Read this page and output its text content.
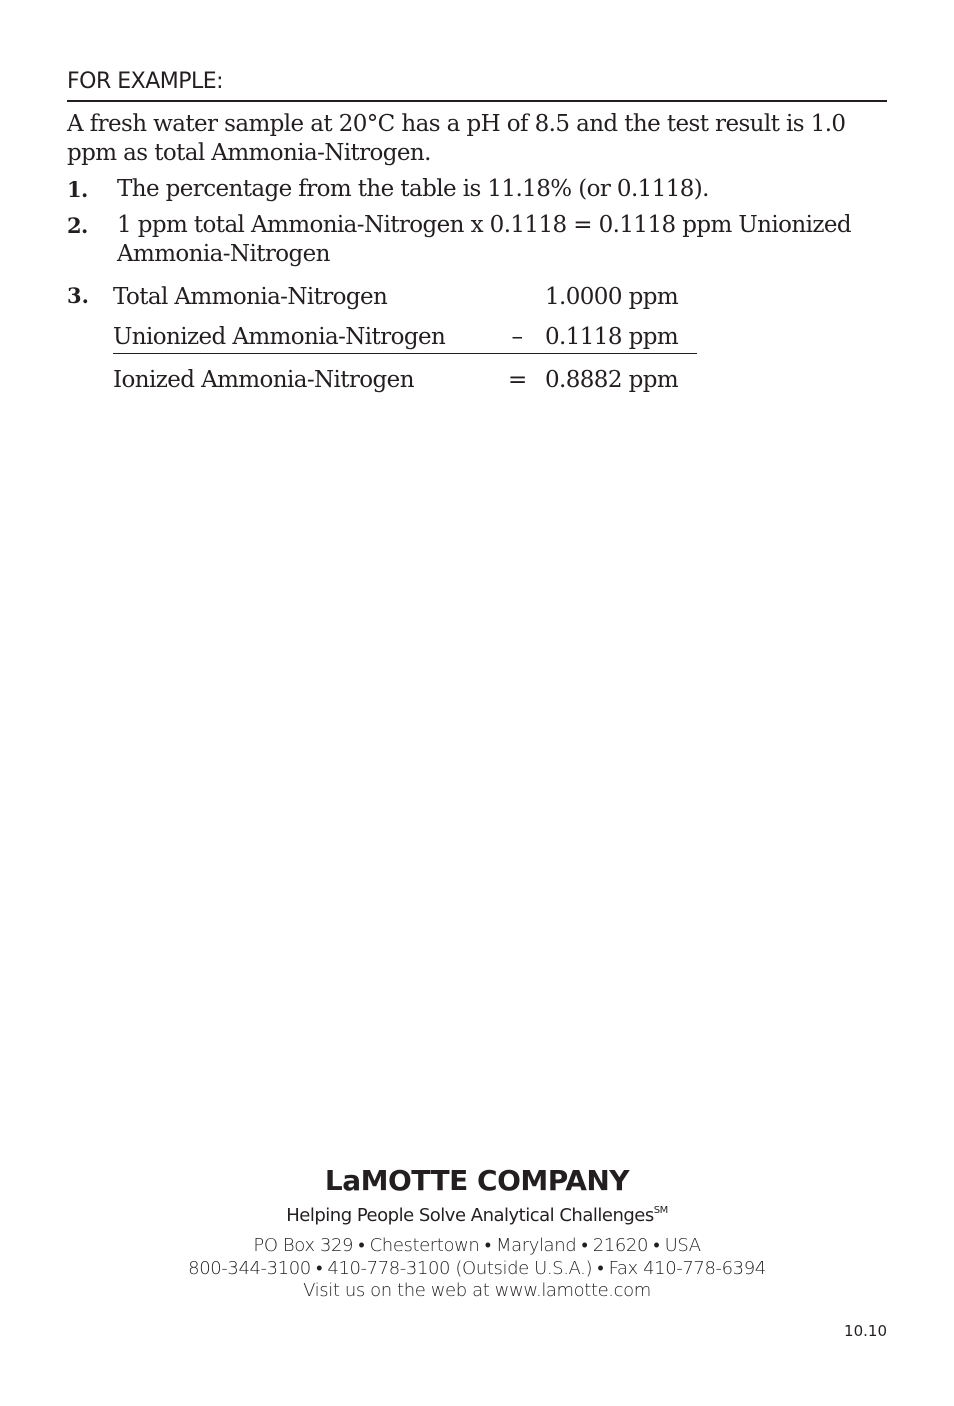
FOR EXAMPLE:
A fresh water sample at 20°C has a pH of 8.5 and the test result is 1.0 ppm as total Ammonia-Nitrogen.
1. The percentage from the table is 11.18% (or 0.1118).
2. 1 ppm total Ammonia-Nitrogen x 0.1118 = 0.1118 ppm Unionized Ammonia-Nitrogen
3. Total Ammonia-Nitrogen	1.0000 ppm
Unionized Ammonia-Nitrogen	– 0.1118 ppm
Ionized Ammonia-Nitrogen	= 0.8882 ppm
LaMOTTE COMPANY
Helping People Solve Analytical Challenges℠
PO Box 329 • Chestertown • Maryland • 21620 • USA
800-344-3100 • 410-778-3100 (Outside U.S.A.) • Fax 410-778-6394
Visit us on the web at www.lamotte.com
10.10
